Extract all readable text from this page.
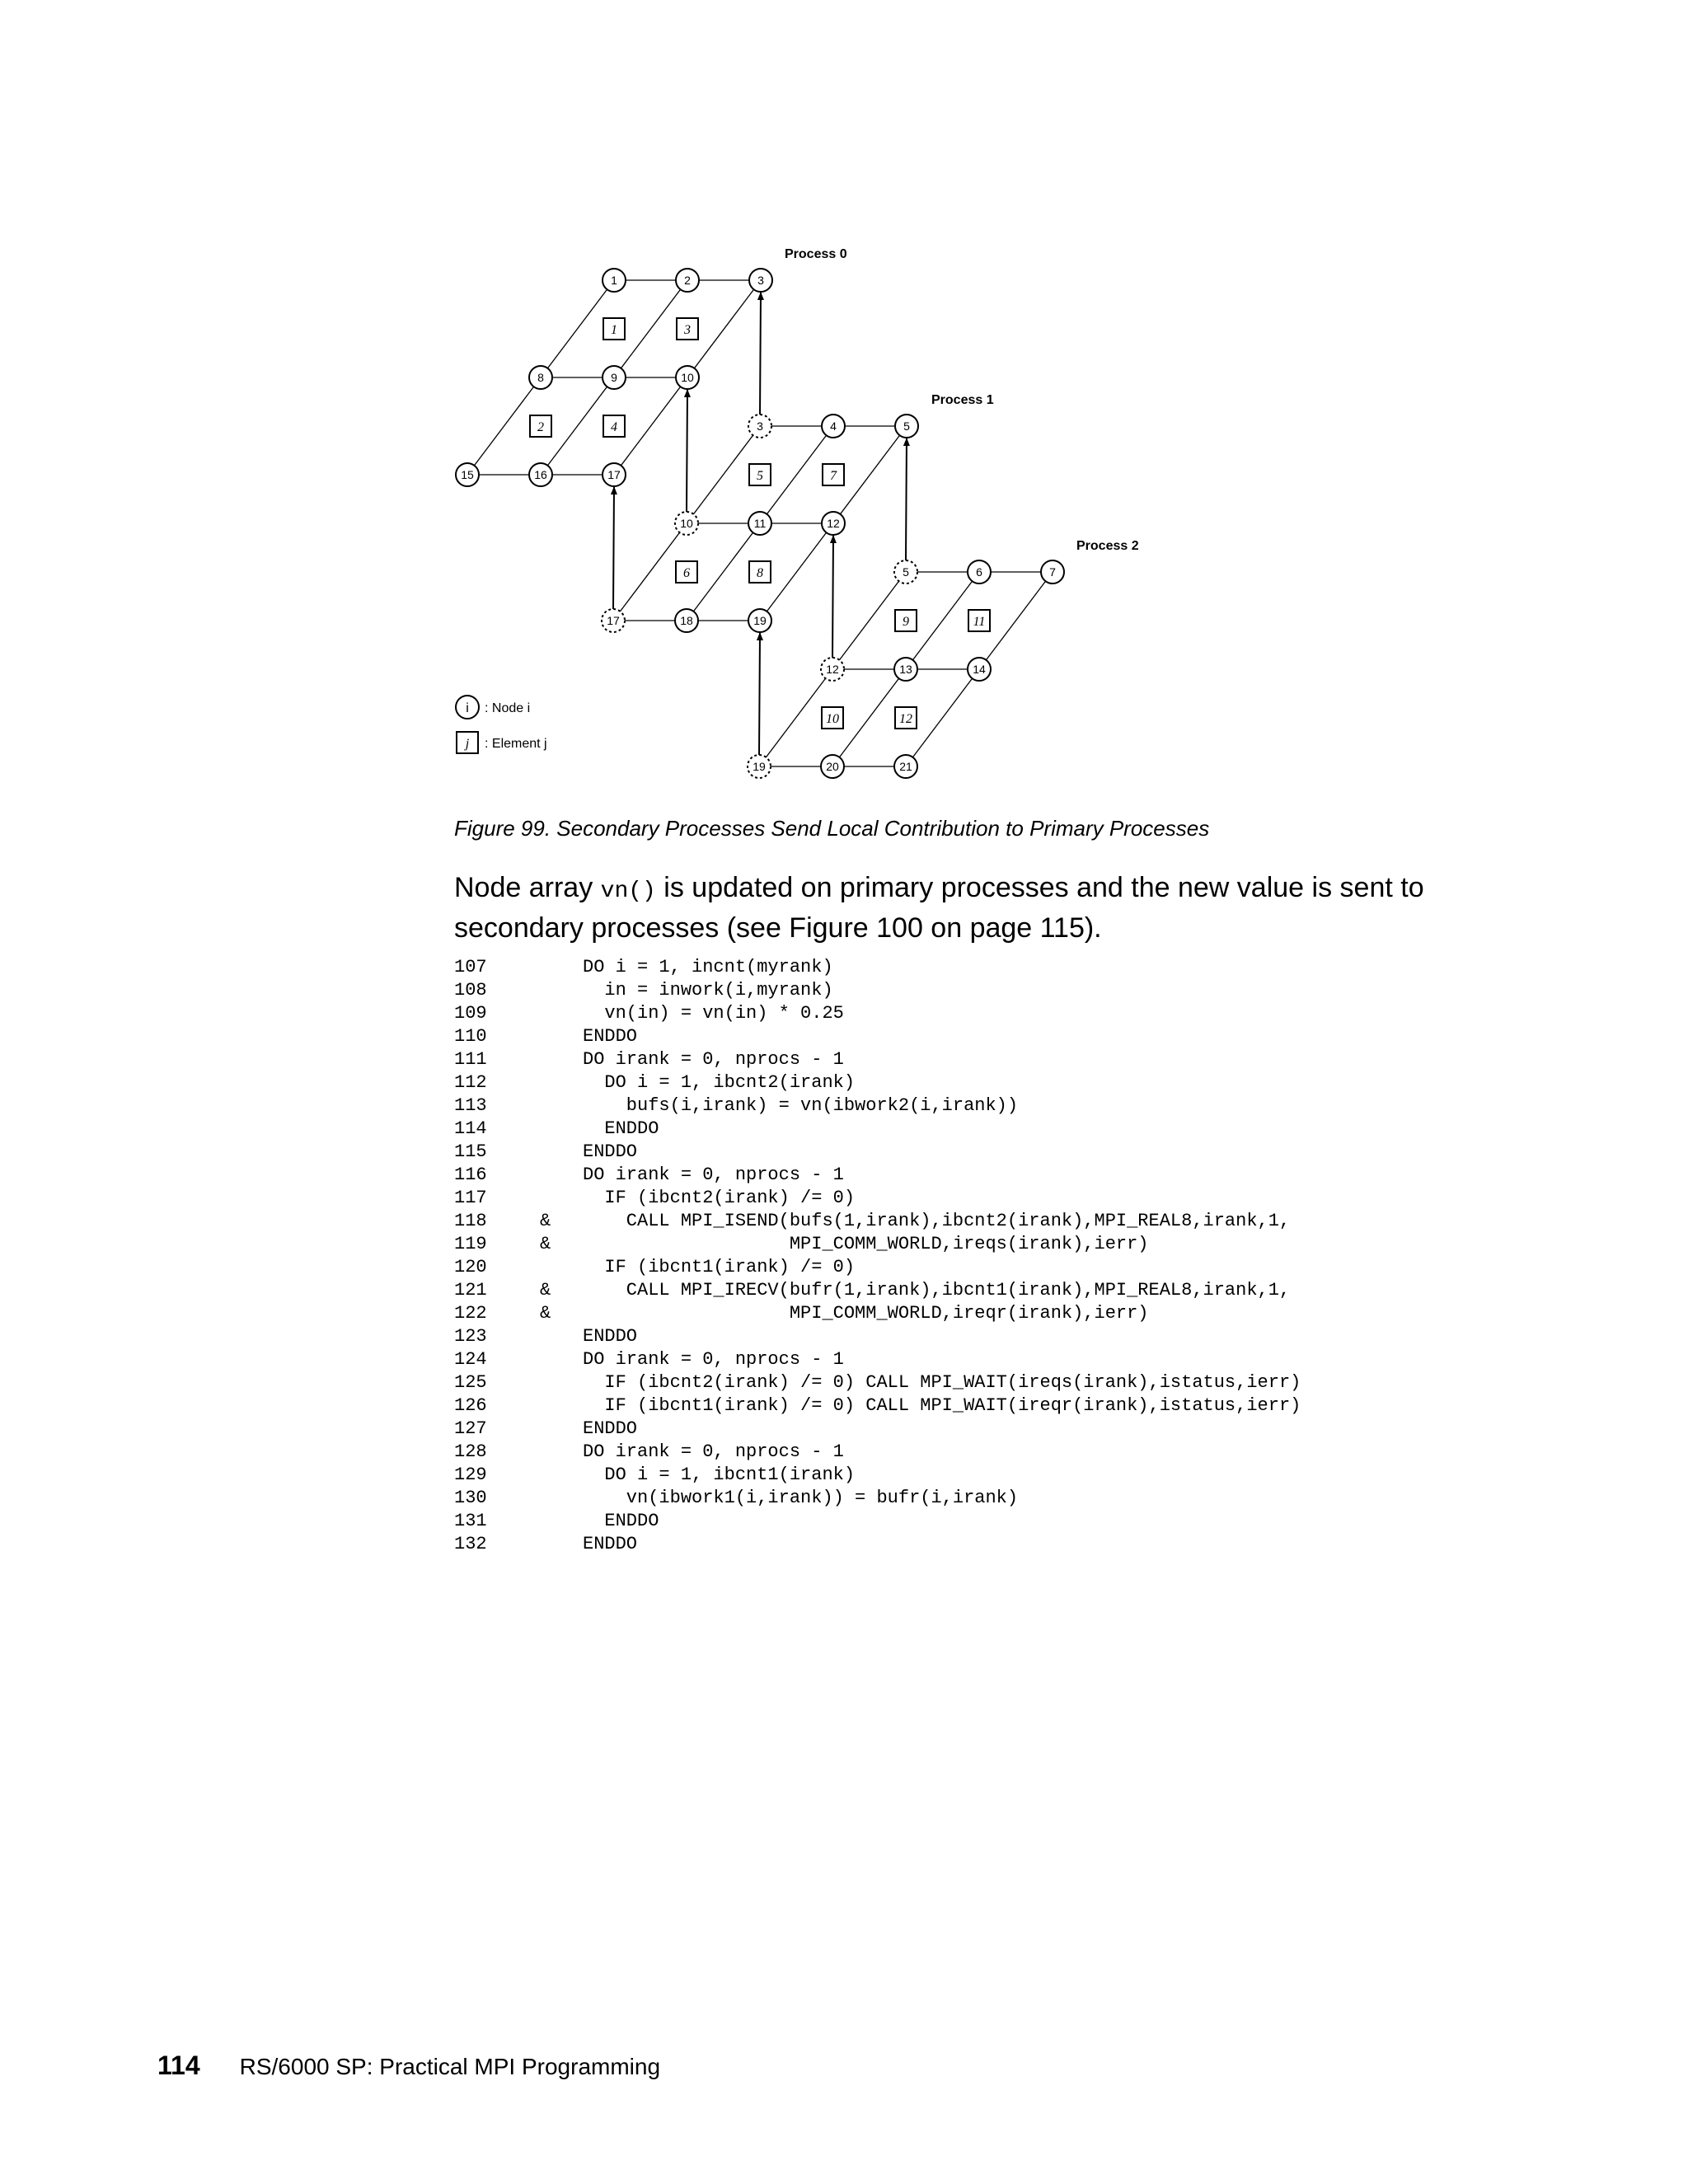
1	3
2	4
5	7
6	8
9	11
10	12
1	2	3
8	9	10
15	16	17
3	4	5
10	11	12
17	18	19
5	6	7
12	13	14
19	20	21
Process 0
Process 1
Process 2
i : Node i
j : Element j
Figure 99. Secondary Processes Send Local Contribution to Primary Processes
Node array vn() is updated on primary processes and the new value is sent to secondary processes (see Figure 100 on page 115).
107	DO i = 1, incnt(myrank)
108	in = inwork(i,myrank)
109	vn(in) = vn(in) * 0.25
110	ENDDO
111	DO irank = 0, nprocs - 1
112	DO i = 1, ibcnt2(irank)
113	bufs(i,irank) = vn(ibwork2(i,irank))
114	ENDDO
115	ENDDO
116	DO irank = 0, nprocs - 1
117	IF (ibcnt2(irank) /= 0)
118	&    CALL MPI_ISEND(bufs(1,irank),ibcnt2(irank),MPI_REAL8,irank,1,
119	&                   MPI_COMM_WORLD,ireqs(irank),ierr)
120	IF (ibcnt1(irank) /= 0)
121	&    CALL MPI_IRECV(bufr(1,irank),ibcnt1(irank),MPI_REAL8,irank,1,
122	&                   MPI_COMM_WORLD,ireqr(irank),ierr)
123	ENDDO
124	DO irank = 0, nprocs - 1
125	IF (ibcnt2(irank) /= 0) CALL MPI_WAIT(ireqs(irank),istatus,ierr)
126	IF (ibcnt1(irank) /= 0) CALL MPI_WAIT(ireqr(irank),istatus,ierr)
127	ENDDO
128	DO irank = 0, nprocs - 1
129	DO i = 1, ibcnt1(irank)
130	vn(ibwork1(i,irank)) = bufr(i,irank)
131	ENDDO
132	ENDDO

114 RS/6000 SP: Practical MPI Programming
